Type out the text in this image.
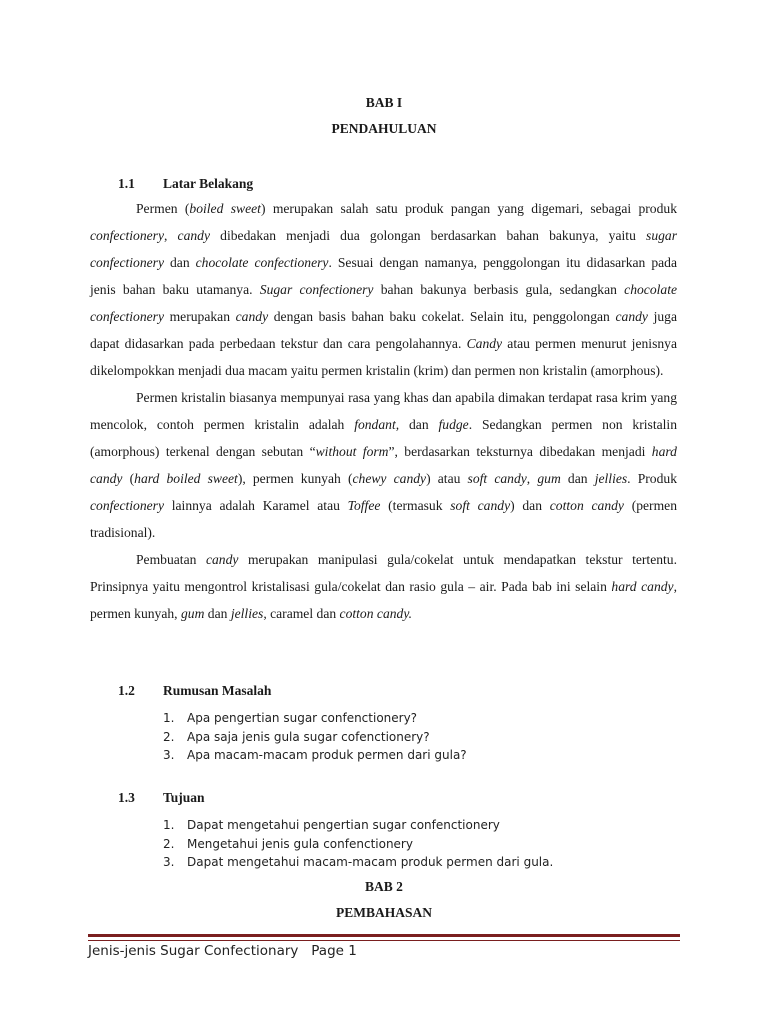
BAB I
PENDAHULUAN
1.1 Latar Belakang

Permen (boiled sweet) merupakan salah satu produk pangan yang digemari, sebagai produk confectionery, candy dibedakan menjadi dua golongan berdasarkan bahan bakunya, yaitu sugar confectionery dan chocolate confectionery. Sesuai dengan namanya, penggolongan itu didasarkan pada jenis bahan baku utamanya. Sugar confectionery bahan bakunya berbasis gula, sedangkan chocolate confectionery merupakan candy dengan basis bahan baku cokelat. Selain itu, penggolongan candy juga dapat didasarkan pada perbedaan tekstur dan cara pengolahannya. Candy atau permen menurut jenisnya dikelompokkan menjadi dua macam yaitu permen kristalin (krim) dan permen non kristalin (amorphous).

Permen kristalin biasanya mempunyai rasa yang khas dan apabila dimakan terdapat rasa krim yang mencolok, contoh permen kristalin adalah fondant, dan fudge. Sedangkan permen non kristalin (amorphous) terkenal dengan sebutan “without form”, berdasarkan teksturnya dibedakan menjadi hard candy (hard boiled sweet), permen kunyah (chewy candy) atau soft candy, gum dan jellies. Produk confectionery lainnya adalah Karamel atau Toffee (termasuk soft candy) dan cotton candy (permen tradisional).

Pembuatan candy merupakan manipulasi gula/cokelat untuk mendapatkan tekstur tertentu. Prinsipnya yaitu mengontrol kristalisasi gula/cokelat dan rasio gula – air. Pada bab ini selain hard candy, permen kunyah, gum dan jellies, caramel dan cotton candy.

1.2 Rumusan Masalah
1. Apa pengertian sugar confenctionery?
2. Apa saja jenis gula sugar cofenctionery?
3. Apa macam-macam produk permen dari gula?
1.3 Tujuan
1. Dapat mengetahui pengertian sugar confenctionery
2. Mengetahui jenis gula confenctionery
3. Dapat mengetahui macam-macam produk permen dari gula.
BAB 2
PEMBAHASAN
Jenis-jenis Sugar Confectionary Page 1
